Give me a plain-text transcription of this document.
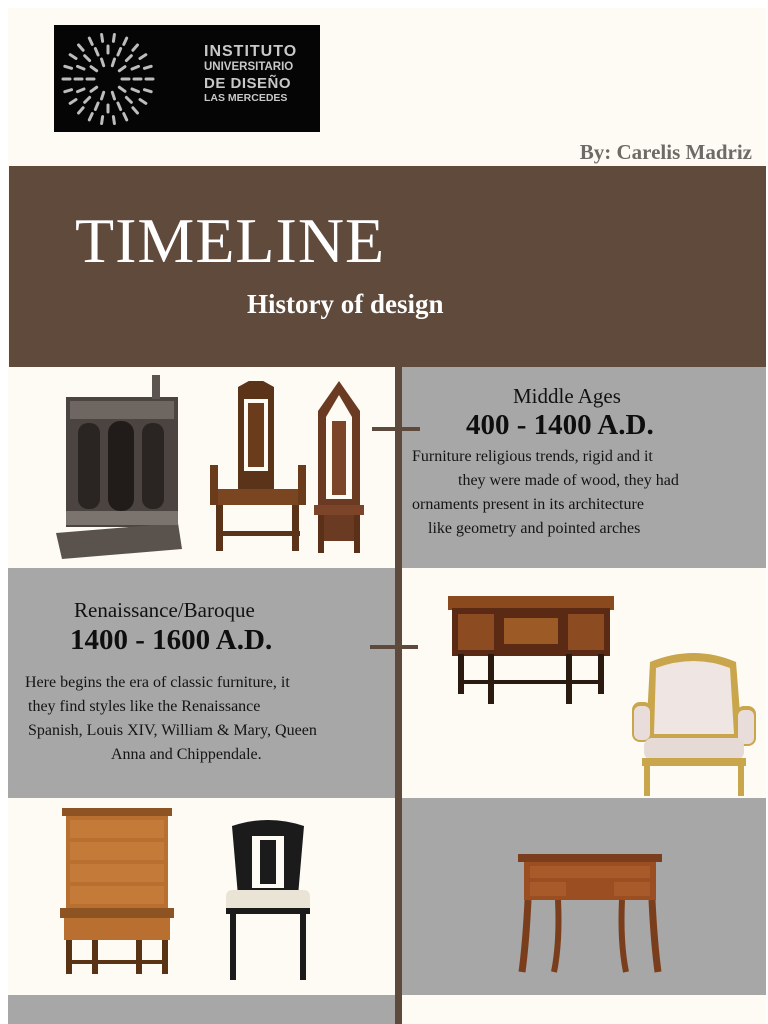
INSTITUTO
UNIVERSITARIO
DE DISEÑO
LAS MERCEDES
By: Carelis Madriz
TIMELINE
History of design
Middle Ages
400 - 1400 A.D.
Furniture religious trends, rigid and it
they were made of wood, they had
ornaments present in its architecture
like geometry and pointed arches
Renaissance/Baroque
1400 - 1600 A.D.
Here begins the era of classic furniture, it
they find styles like the Renaissance
Spanish, Louis XIV, William & Mary, Queen
Anna and Chippendale.
